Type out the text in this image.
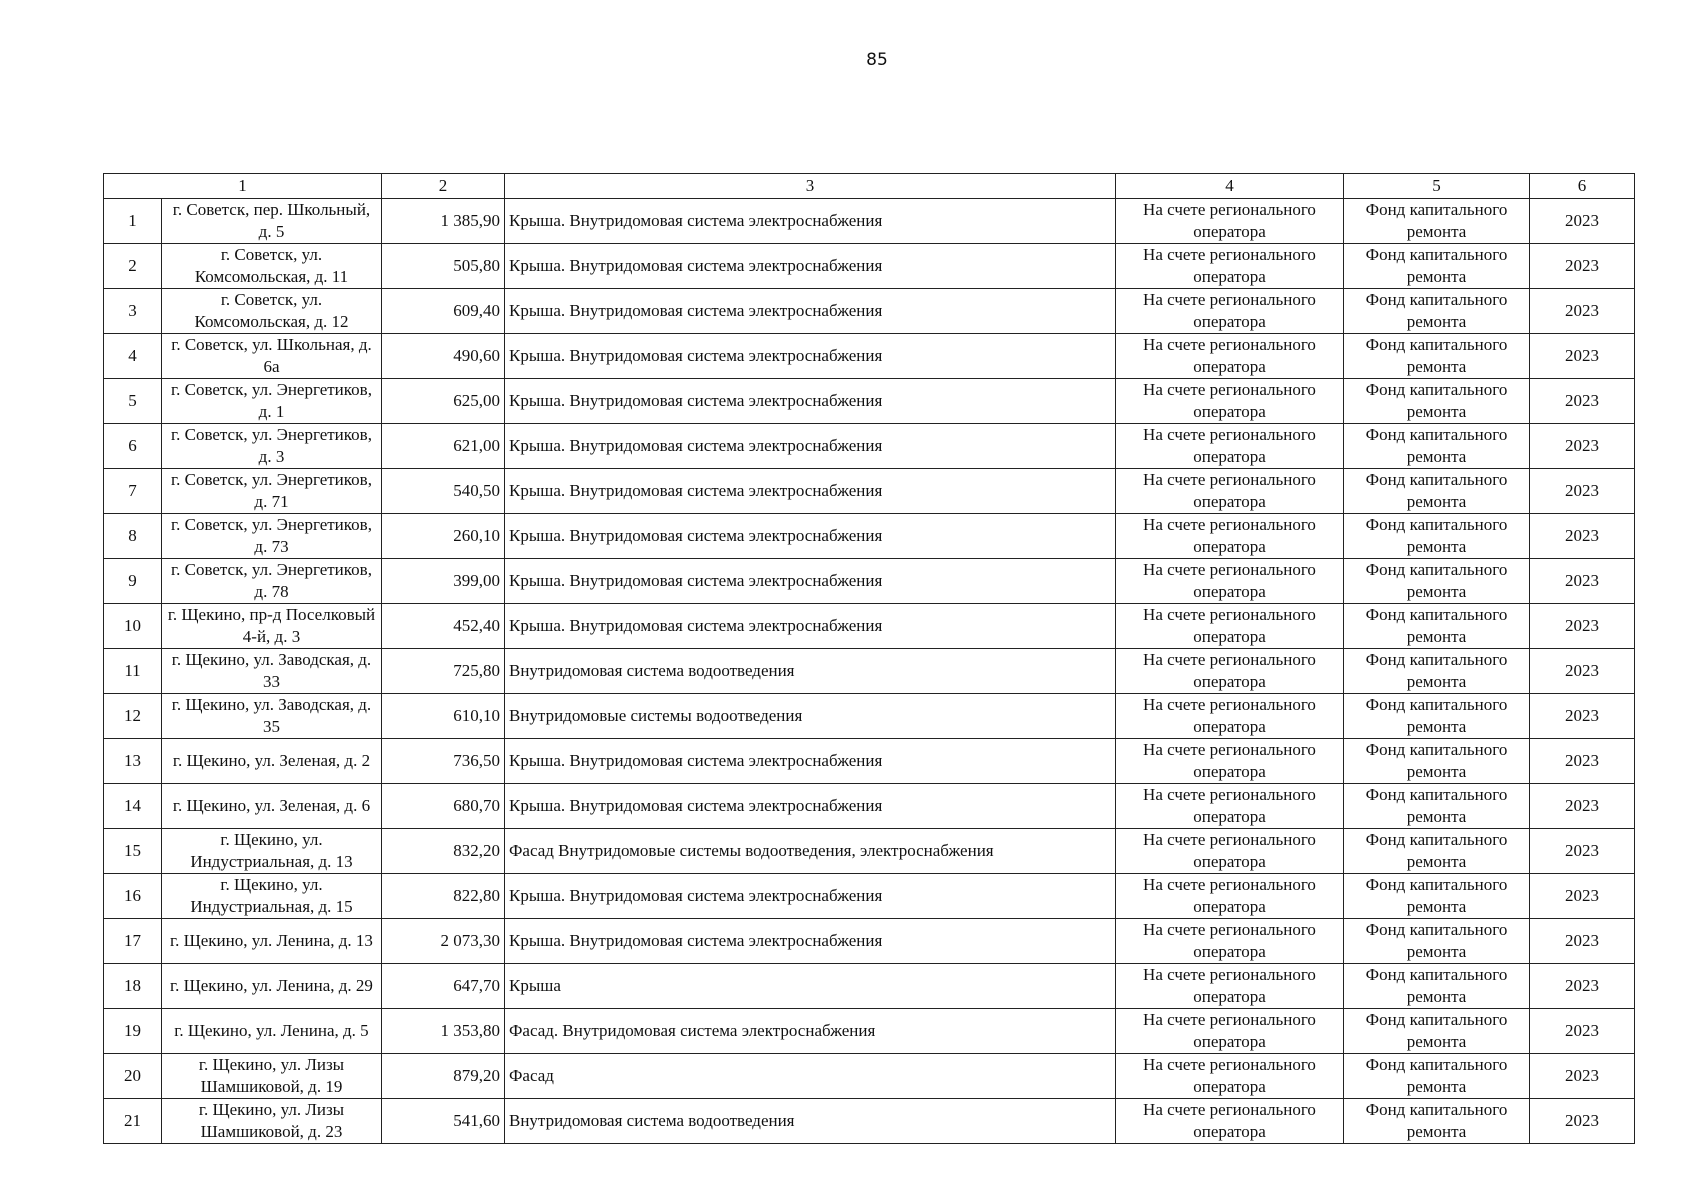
85
1		2	3	4	5	6
1	г. Советск, пер. Школьный, д. 5	1 385,90	Крыша. Внутридомовая система электроснабжения	На счете регионального оператора	Фонд капитального ремонта	2023
2	г. Советск, ул. Комсомольская, д. 11	505,80	Крыша. Внутридомовая система электроснабжения	На счете регионального оператора	Фонд капитального ремонта	2023
3	г. Советск, ул. Комсомольская, д. 12	609,40	Крыша. Внутридомовая система электроснабжения	На счете регионального оператора	Фонд капитального ремонта	2023
4	г. Советск, ул. Школьная, д. 6а	490,60	Крыша. Внутридомовая система электроснабжения	На счете регионального оператора	Фонд капитального ремонта	2023
5	г. Советск, ул. Энергетиков, д. 1	625,00	Крыша. Внутридомовая система электроснабжения	На счете регионального оператора	Фонд капитального ремонта	2023
6	г. Советск, ул. Энергетиков, д. 3	621,00	Крыша. Внутридомовая система электроснабжения	На счете регионального оператора	Фонд капитального ремонта	2023
7	г. Советск, ул. Энергетиков, д. 71	540,50	Крыша. Внутридомовая система электроснабжения	На счете регионального оператора	Фонд капитального ремонта	2023
8	г. Советск, ул. Энергетиков, д. 73	260,10	Крыша. Внутридомовая система электроснабжения	На счете регионального оператора	Фонд капитального ремонта	2023
9	г. Советск, ул. Энергетиков, д. 78	399,00	Крыша. Внутридомовая система электроснабжения	На счете регионального оператора	Фонд капитального ремонта	2023
10	г. Щекино, пр-д Поселковый 4-й, д. 3	452,40	Крыша. Внутридомовая система электроснабжения	На счете регионального оператора	Фонд капитального ремонта	2023
11	г. Щекино, ул. Заводская, д. 33	725,80	Внутридомовая система водоотведения	На счете регионального оператора	Фонд капитального ремонта	2023
12	г. Щекино, ул. Заводская, д. 35	610,10	Внутридомовые системы водоотведения	На счете регионального оператора	Фонд капитального ремонта	2023
13	г. Щекино, ул. Зеленая, д. 2	736,50	Крыша. Внутридомовая система электроснабжения	На счете регионального оператора	Фонд капитального ремонта	2023
14	г. Щекино, ул. Зеленая, д. 6	680,70	Крыша. Внутридомовая система электроснабжения	На счете регионального оператора	Фонд капитального ремонта	2023
15	г. Щекино, ул. Индустриальная, д. 13	832,20	Фасад Внутридомовые системы водоотведения, электроснабжения	На счете регионального оператора	Фонд капитального ремонта	2023
16	г. Щекино, ул. Индустриальная, д. 15	822,80	Крыша. Внутридомовая система электроснабжения	На счете регионального оператора	Фонд капитального ремонта	2023
17	г. Щекино, ул. Ленина, д. 13	2 073,30	Крыша. Внутридомовая система электроснабжения	На счете регионального оператора	Фонд капитального ремонта	2023
18	г. Щекино, ул. Ленина, д. 29	647,70	Крыша	На счете регионального оператора	Фонд капитального ремонта	2023
19	г. Щекино, ул. Ленина, д. 5	1 353,80	Фасад. Внутридомовая система электроснабжения	На счете регионального оператора	Фонд капитального ремонта	2023
20	г. Щекино, ул. Лизы Шамшиковой, д. 19	879,20	Фасад	На счете регионального оператора	Фонд капитального ремонта	2023
21	г. Щекино, ул. Лизы Шамшиковой, д. 23	541,60	Внутридомовая система водоотведения	На счете регионального оператора	Фонд капитального ремонта	2023
